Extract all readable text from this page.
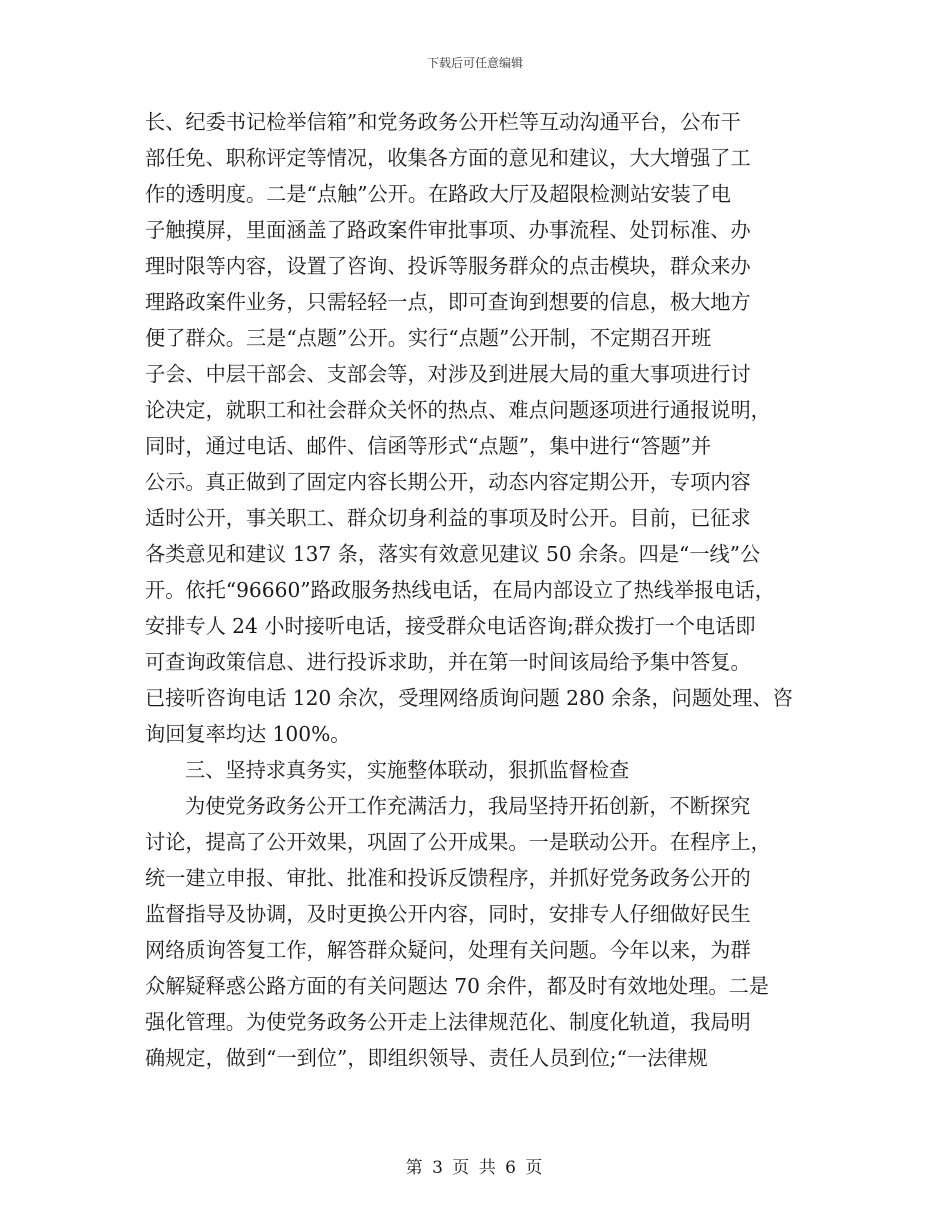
下载后可任意编辑
长、纪委书记检举信箱”和党务政务公开栏等互动沟通平台，公布干
部任免、职称评定等情况，收集各方面的意见和建议，大大增强了工
作的透明度。二是“点触”公开。在路政大厅及超限检测站安装了电
子触摸屏，里面涵盖了路政案件审批事项、办事流程、处罚标准、办
理时限等内容，设置了咨询、投诉等服务群众的点击模块，群众来办
理路政案件业务，只需轻轻一点，即可查询到想要的信息，极大地方
便了群众。三是“点题”公开。实行“点题”公开制，不定期召开班
子会、中层干部会、支部会等，对涉及到进展大局的重大事项进行讨
论决定，就职工和社会群众关怀的热点、难点问题逐项进行通报说明，
同时，通过电话、邮件、信函等形式“点题”，集中进行“答题”并
公示。真正做到了固定内容长期公开，动态内容定期公开，专项内容
适时公开，事关职工、群众切身利益的事项及时公开。目前，已征求
各类意见和建议 137 条，落实有效意见建议 50 余条。四是“一线”公
开。依托“96660”路政服务热线电话，在局内部设立了热线举报电话，
安排专人 24 小时接听电话，接受群众电话咨询;群众拨打一个电话即
可查询政策信息、进行投诉求助，并在第一时间该局给予集中答复。
已接听咨询电话 120 余次，受理网络质询问题 280 余条，问题处理、咨
询回复率均达 100%。
三、坚持求真务实，实施整体联动，狠抓监督检查
为使党务政务公开工作充满活力，我局坚持开拓创新，不断探究
讨论，提高了公开效果，巩固了公开成果。一是联动公开。在程序上，
统一建立申报、审批、批准和投诉反馈程序，并抓好党务政务公开的
监督指导及协调，及时更换公开内容，同时，安排专人仔细做好民生
网络质询答复工作，解答群众疑问，处理有关问题。今年以来，为群
众解疑释惑公路方面的有关问题达 70 余件，都及时有效地处理。二是
强化管理。为使党务政务公开走上法律规范化、制度化轨道，我局明
确规定，做到“一到位”，即组织领导、责任人员到位;“一法律规
第 3 页 共 6 页
